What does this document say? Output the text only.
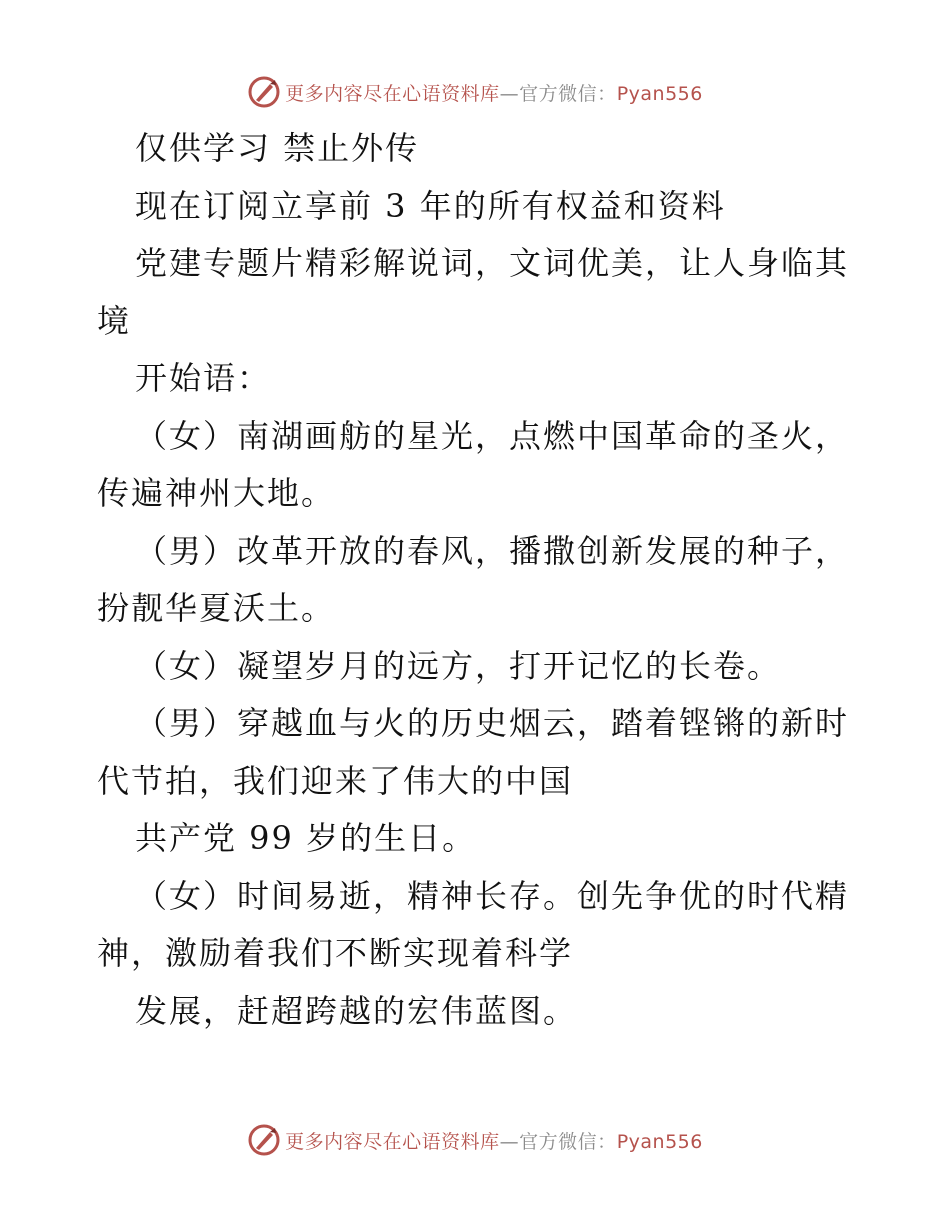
更多内容尽在心语资料库—官方微信：Pyan556

仅供学习 禁止外传

现在订阅立享前 3 年的所有权益和资料

党建专题片精彩解说词，文词优美，让人身临其境

开始语：

（女）南湖画舫的星光，点燃中国革命的圣火，传遍神州大地。

（男）改革开放的春风，播撒创新发展的种子，扮靓华夏沃土。

（女）凝望岁月的远方，打开记忆的长卷。

（男）穿越血与火的历史烟云，踏着铿锵的新时代节拍，我们迎来了伟大的中国

共产党 99 岁的生日。

（女）时间易逝，精神长存。创先争优的时代精神，激励着我们不断实现着科学

发展，赶超跨越的宏伟蓝图。

更多内容尽在心语资料库—官方微信：Pyan556
